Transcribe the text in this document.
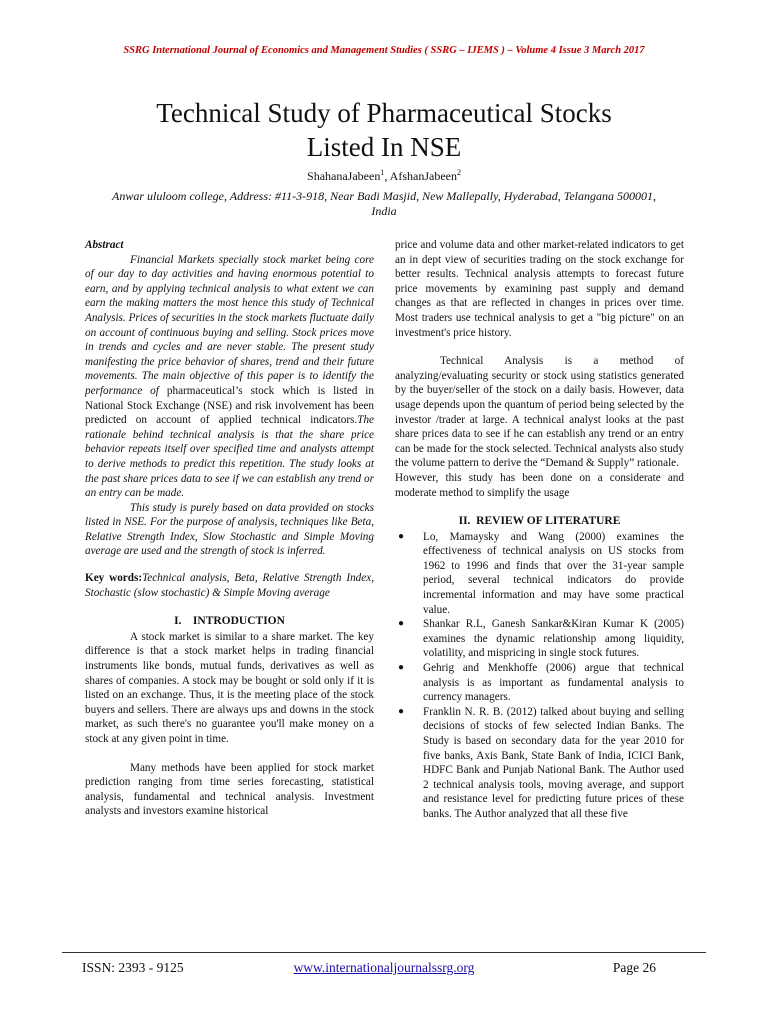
SSRG International Journal of Economics and Management Studies ( SSRG – IJEMS ) – Volume 4 Issue 3 March 2017
Technical Study of Pharmaceutical Stocks
Listed In NSE
ShahanaJabeen$^1$, AfshanJabeen$^2$
Anwar ululoom college, Address: #11-3-918, Near Badi Masjid, New Mallepally, Hyderabad, Telangana 500001,
India

Abstract

Financial Markets specially stock market being core of our day to day activities and having enormous potential to earn, and by applying technical analysis to what extent we can earn the making matters the most hence this study of Technical Analysis. Prices of securities in the stock markets fluctuate daily on account of continuous buying and selling. Stock prices move in trends and cycles and are never stable. The present study manifesting the price behavior of shares, trend and their future movements. The main objective of this paper is to identify the performance of pharmaceutical’s stock which is listed in National Stock Exchange (NSE) and risk involvement has been predicted on account of applied technical indicators.The rationale behind technical analysis is that the share price behavior repeats itself over specified time and analysts attempt to derive methods to predict this repetition. The study looks at the past share prices data to see if we can establish any trend or an entry can be made.

This study is purely based on data provided on stocks listed in NSE. For the purpose of analysis, techniques like Beta, Relative Strength Index, Slow Stochastic and Simple Moving average are used and the strength of stock is inferred.

Key words:Technical analysis, Beta, Relative Strength Index, Stochastic (slow stochastic) & Simple Moving average

I.    INTRODUCTION

A stock market is similar to a share market. The key difference is that a stock market helps in trading financial instruments like bonds, mutual funds, derivatives as well as shares of companies. A stock may be bought or sold only if it is listed on an exchange. Thus, it is the meeting place of the stock buyers and sellers. There are always ups and downs in the stock market, as such there's no guarantee you'll make money on a stock at any given point in time.

Many methods have been applied for stock market prediction ranging from time series forecasting, statistical analysis, fundamental and technical analysis. Investment analysts and investors examine historical

price and volume data and other market-related indicators to get an in dept view of securities trading on the stock exchange for better results. Technical analysis attempts to forecast future price movements by examining past supply and demand changes as that are reflected in changes in prices over time. Most traders use technical analysis to get a "big picture" on an investment's price history.

Technical Analysis is a method of analyzing/evaluating security or stock using statistics generated by the buyer/seller of the stock on a daily basis. However, data usage depends upon the quantum of period being selected by the investor /trader at large. A technical analyst looks at the past share prices data to see if he can establish any trend or an entry can be made for the stock selected. Technical analysts also study the volume pattern to derive the “Demand & Supply” rationale.

However, this study has been done on a considerate and moderate method to simplify the usage

II.  REVIEW OF LITERATURE

● Lo, Mamaysky and Wang (2000) examines the effectiveness of technical analysis on US stocks from 1962 to 1996 and finds that over the 31-year sample period, several technical indicators do provide incremental information and may have some practical value.
● Shankar R.L, Ganesh Sankar&Kiran Kumar K (2005) examines the dynamic relationship among liquidity, volatility, and mispricing in single stock futures.
● Gehrig and Menkhoffe (2006) argue that technical analysis is as important as fundamental analysis to currency managers.
● Franklin N. R. B. (2012) talked about buying and selling decisions of stocks of few selected Indian Banks. The Study is based on secondary data for the year 2010 for five banks, Axis Bank, State Bank of India, ICICI Bank, HDFC Bank and Punjab National Bank. The Author used 2 technical analysis tools, moving average, and support and resistance level for predicting future prices of these banks. The Author analyzed that all these five
ISSN: 2393 - 9125	www.internationaljournalssrg.org	Page 26
